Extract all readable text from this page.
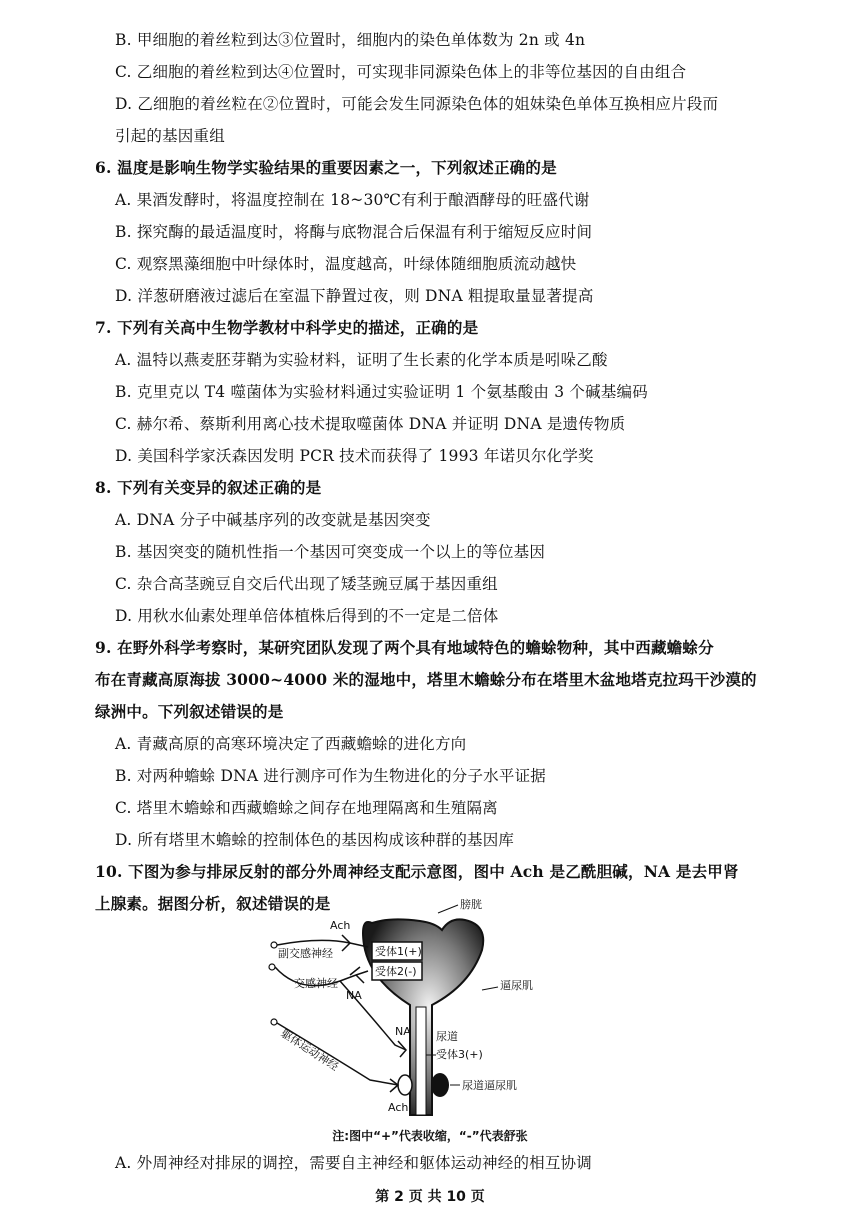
B. 甲细胞的着丝粒到达③位置时，细胞内的染色单体数为 2n 或 4n
C. 乙细胞的着丝粒到达④位置时，可实现非同源染色体上的非等位基因的自由组合
D. 乙细胞的着丝粒在②位置时，可能会发生同源染色体的姐妹染色单体互换相应片段而
引起的基因重组
6. 温度是影响生物学实验结果的重要因素之一，下列叙述正确的是
A. 果酒发酵时，将温度控制在 18~30℃有利于酿酒酵母的旺盛代谢
B. 探究酶的最适温度时，将酶与底物混合后保温有利于缩短反应时间
C. 观察黑藻细胞中叶绿体时，温度越高，叶绿体随细胞质流动越快
D. 洋葱研磨液过滤后在室温下静置过夜，则 DNA 粗提取量显著提高
7. 下列有关高中生物学教材中科学史的描述，正确的是
A. 温特以燕麦胚芽鞘为实验材料，证明了生长素的化学本质是吲哚乙酸
B. 克里克以 T4 噬菌体为实验材料通过实验证明 1 个氨基酸由 3 个碱基编码
C. 赫尔希、蔡斯利用离心技术提取噬菌体 DNA 并证明 DNA 是遗传物质
D. 美国科学家沃森因发明 PCR 技术而获得了 1993 年诺贝尔化学奖
8. 下列有关变异的叙述正确的是
A. DNA 分子中碱基序列的改变就是基因突变
B. 基因突变的随机性指一个基因可突变成一个以上的等位基因
C. 杂合高茎豌豆自交后代出现了矮茎豌豆属于基因重组
D. 用秋水仙素处理单倍体植株后得到的不一定是二倍体
9. 在野外科学考察时，某研究团队发现了两个具有地域特色的蟾蜍物种，其中西藏蟾蜍分
布在青藏高原海拔 3000~4000 米的湿地中，塔里木蟾蜍分布在塔里木盆地塔克拉玛干沙漠的
绿洲中。下列叙述错误的是
A. 青藏高原的高寒环境决定了西藏蟾蜍的进化方向
B. 对两种蟾蜍 DNA 进行测序可作为生物进化的分子水平证据
C. 塔里木蟾蜍和西藏蟾蜍之间存在地理隔离和生殖隔离
D. 所有塔里木蟾蜍的控制体色的基因构成该种群的基因库
10. 下图为参与排尿反射的部分外周神经支配示意图，图中 Ach 是乙酰胆碱，NA 是去甲肾
上腺素。据图分析，叙述错误的是	膀胱
Ach
副交感神经	受体1(+)
受体2(-)
交感神经
NA
逼尿肌
NA 尿道
受体3(+)
躯体运动神经
尿道逼尿肌
Ach
注:图中“+”代表收缩，“-”代表舒张
A. 外周神经对排尿的调控，需要自主神经和躯体运动神经的相互协调
第 2 页 共 10 页
